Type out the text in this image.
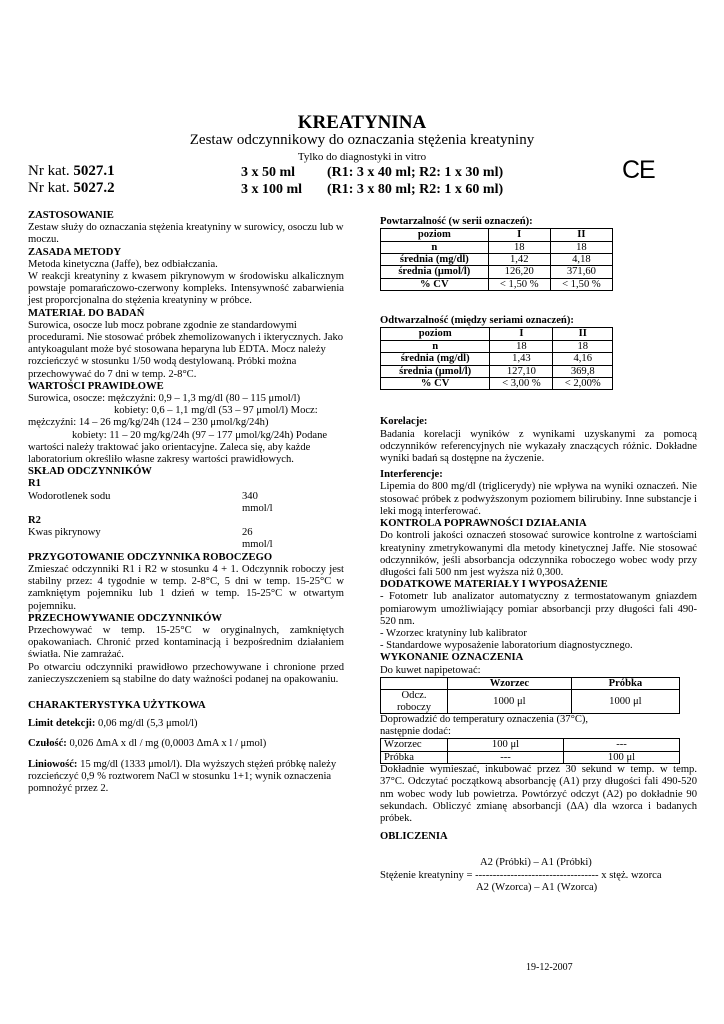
KREATYNINA
Zestaw odczynnikowy do oznaczania stężenia kreatyniny
Tylko do diagnostyki in vitro
Nr kat. 5027.1
Nr kat. 5027.2
3 x 50 ml (R1: 3 x 40 ml; R2: 1 x 30 ml)
3 x 100 ml (R1: 3 x 80 ml; R2: 1 x 60 ml)
CE

ZASTOSOWANIE

Zestaw służy do oznaczania stężenia kreatyniny w surowicy, osoczu lub w moczu.

ZASADA METODY

Metoda kinetyczna (Jaffe), bez odbiałczania.

W reakcji kreatyniny z kwasem pikrynowym w środowisku alkalicznym powstaje pomarańczowo-czerwony kompleks. Intensywność zabarwienia jest proporcjonalna do stężenia kreatyniny w próbce.

MATERIAŁ DO BADAŃ

Surowica, osocze lub mocz pobrane zgodnie ze standardowymi procedurami. Nie stosować próbek zhemolizowanych i ikterycznych. Jako antykoagulant może być stosowana heparyna lub EDTA. Mocz należy rozcieńczyć w stosunku 1/50 wodą destylowaną. Próbki można przechowywać do 7 dni w temp. 2-8°C.

WARTOŚCI PRAWIDŁOWE

Surowica, osocze: mężczyźni: 0,9 – 1,3 mg/dl (80 – 115 μmol/l)

kobiety: 0,6 – 1,1 mg/dl (53 – 97 μmol/l) Mocz:

mężczyźni: 14 – 26 mg/kg/24h (124 – 230 μmol/kg/24h)

kobiety: 11 – 20 mg/kg/24h (97 – 177 μmol/kg/24h) Podane

wartości należy traktować jako orientacyjne. Zaleca się, aby każde laboratorium określiło własne zakresy wartości prawidłowych.

SKŁAD ODCZYNNIKÓW

R1

Wodorotlenek sodu	340 mmol/l

R2

Kwas pikrynowy	26 mmol/l

PRZYGOTOWANIE ODCZYNNIKA ROBOCZEGO

Zmieszać odczynniki R1 i R2 w stosunku 4 + 1. Odczynnik roboczy jest stabilny przez: 4 tygodnie w temp. 2-8°C, 5 dni w temp. 15-25°C w zamkniętym pojemniku lub 1 dzień w temp. 15-25°C w otwartym pojemniku.

PRZECHOWYWANIE ODCZYNNIKÓW

Przechowywać w temp. 15-25°C w oryginalnych, zamkniętych opakowaniach. Chronić przed kontaminacją i bezpośrednim działaniem światła. Nie zamrażać.

Po otwarciu odczynniki prawidłowo przechowywane i chronione przed zanieczyszczeniem są stabilne do daty ważności podanej na opakowaniu.

CHARAKTERYSTYKA UŻYTKOWA

Limit detekcji: 0,06 mg/dl (5,3 μmol/l)

Czułość: 0,026 ΔmA x dl / mg (0,0003 ΔmA x l / μmol)

Liniowość: 15 mg/dl (1333 μmol/l). Dla wyższych stężeń próbkę należy rozcieńczyć 0,9 % roztworem NaCl w stosunku 1+1; wynik oznaczenia pomnożyć przez 2.

Powtarzalność (w serii oznaczeń):

poziom	I	II
n	18	18
średnia (mg/dl)	1,42	4,18
średnia (μmol/l)	126,20	371,60
% CV	< 1,50 %	< 1,50 %

Odtwarzalność (między seriami oznaczeń):

poziom	I	II
n	18	18
średnia (mg/dl)	1,43	4,16
średnia (μmol/l)	127,10	369,8
% CV	< 3,00 %	< 2,00%

Korelacje:

Badania korelacji wyników z wynikami uzyskanymi za pomocą odczynników referencyjnych nie wykazały znaczących różnic. Dokładne wyniki badań są dostępne na życzenie.

Interferencje:

Lipemia do 800 mg/dl (triglicerydy) nie wpływa na wyniki oznaczeń. Nie stosować próbek z podwyższonym poziomem bilirubiny. Inne substancje i leki mogą interferować.

KONTROLA POPRAWNOŚCI DZIAŁANIA

Do kontroli jakości oznaczeń stosować surowice kontrolne z wartościami kreatyniny zmetrykowanymi dla metody kinetycznej Jaffe. Nie stosować odczynników, jeśli absorbancja odczynnika roboczego wobec wody przy długości fali 500 nm jest wyższa niż 0,300.

DODATKOWE MATERIAŁY I WYPOSAŻENIE

- Fotometr lub analizator automatyczny z termostatowanym gniazdem pomiarowym umożliwiający pomiar absorbancji przy długości fali 490-520 nm.

- Wzorzec kratyniny lub kalibrator

- Standardowe wyposażenie laboratorium diagnostycznego.

WYKONANIE OZNACZENIA

Do kuwet napipetować:

	Wzorzec	Próbka
Odcz. roboczy	1000 μl	1000 μl

Doprowadzić do temperatury oznaczenia (37°C), następnie dodać:

Wzorzec	100 μl	---
Próbka	---	100 μl

Dokładnie wymieszać, inkubować przez 30 sekund w temp. w temp. 37°C. Odczytać początkową absorbancję (A1) przy długości fali 490-520 nm wobec wody lub powietrza. Powtórzyć odczyt (A2) po dokładnie 90 sekundach. Obliczyć zmianę absorbancji (ΔA) dla wzorca i badanych próbek.

OBLICZENIA

A2 (Próbki) – A1 (Próbki)
Stężenie kreatyniny = ----------------------------------- x stęż. wzorca
A2 (Wzorca) – A1 (Wzorca)
19-12-2007
